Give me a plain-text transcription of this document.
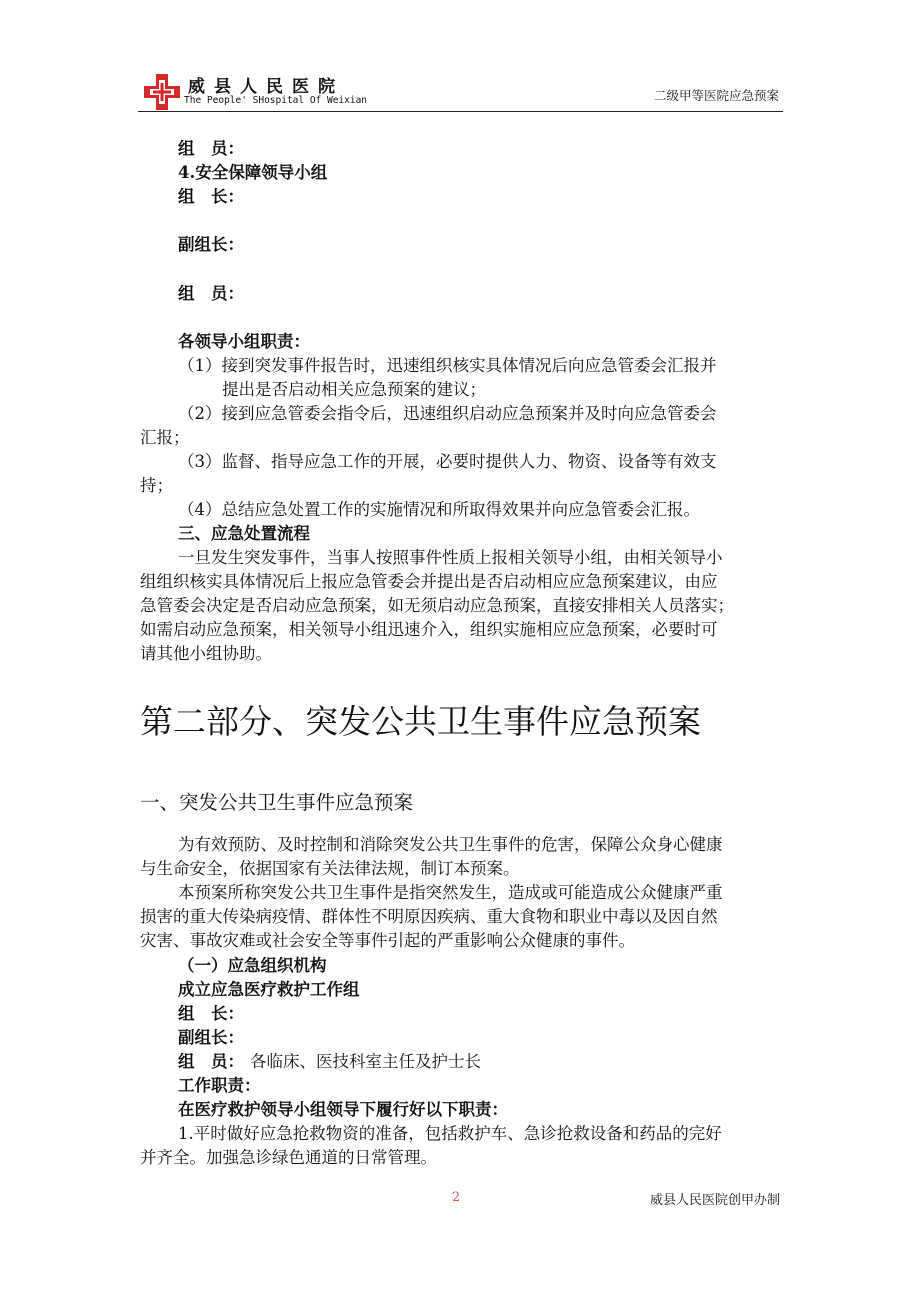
威县人民医院
The People' SHospital Of Weixian	二级甲等医院应急预案
组　员：
4.安全保障领导小组
组　长：
副组长：
组　员：
各领导小组职责：
（1）接到突发事件报告时，迅速组织核实具体情况后向应急管委会汇报并
提出是否启动相关应急预案的建议；
（2）接到应急管委会指令后，迅速组织启动应急预案并及时向应急管委会
汇报；
（3）监督、指导应急工作的开展，必要时提供人力、物资、设备等有效支
持；
（4）总结应急处置工作的实施情况和所取得效果并向应急管委会汇报。
三、应急处置流程
一旦发生突发事件，当事人按照事件性质上报相关领导小组，由相关领导小
组组织核实具体情况后上报应急管委会并提出是否启动相应应急预案建议，由应
急管委会决定是否启动应急预案，如无须启动应急预案，直接安排相关人员落实；
如需启动应急预案，相关领导小组迅速介入，组织实施相应应急预案，必要时可
请其他小组协助。
第二部分、突发公共卫生事件应急预案
一、突发公共卫生事件应急预案
为有效预防、及时控制和消除突发公共卫生事件的危害，保障公众身心健康
与生命安全，依据国家有关法律法规，制订本预案。
本预案所称突发公共卫生事件是指突然发生，造成或可能造成公众健康严重
损害的重大传染病疫情、群体性不明原因疾病、重大食物和职业中毒以及因自然
灾害、事故灾难或社会安全等事件引起的严重影响公众健康的事件。
（一）应急组织机构
成立应急医疗救护工作组
组　长：
副组长：
组　员： 各临床、医技科室主任及护士长
工作职责：
在医疗救护领导小组领导下履行好以下职责：
1.平时做好应急抢救物资的准备，包括救护车、急诊抢救设备和药品的完好
并齐全。加强急诊绿色通道的日常管理。
2	威县人民医院创甲办制
